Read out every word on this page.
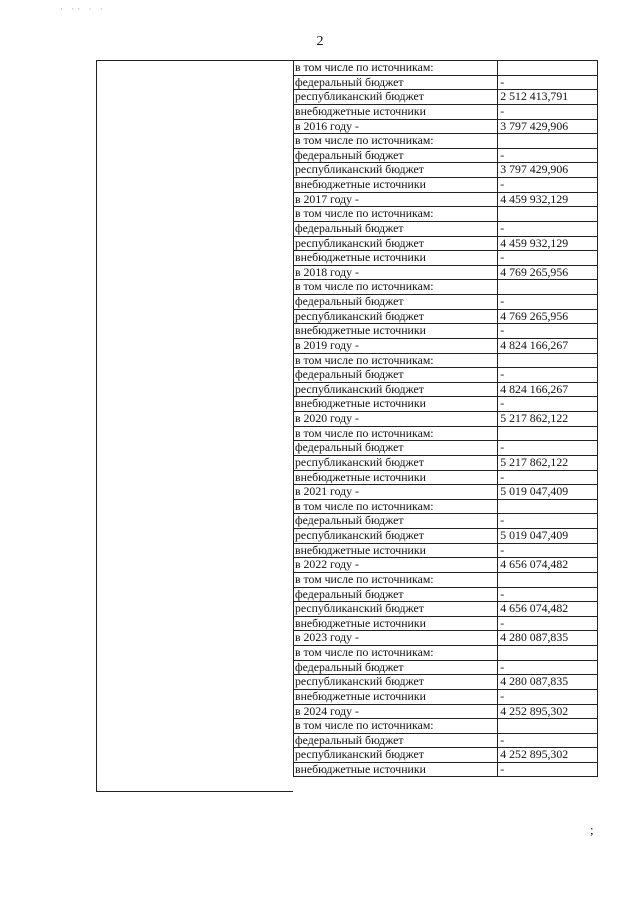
· ·· · ·
2
в том числе по источникам:
федеральный бюджет	-
республиканский бюджет	2 512 413,791
внебюджетные источники	-
в 2016 году -	3 797 429,906
в том числе по источникам:
федеральный бюджет	-
республиканский бюджет	3 797 429,906
внебюджетные источники	-
в 2017 году -	4 459 932,129
в том числе по источникам:
федеральный бюджет	-
республиканский бюджет	4 459 932,129
внебюджетные источники	-
в 2018 году -	4 769 265,956
в том числе по источникам:
федеральный бюджет	-
республиканский бюджет	4 769 265,956
внебюджетные источники	-
в 2019 году -	4 824 166,267
в том числе по источникам:
федеральный бюджет	-
республиканский бюджет	4 824 166,267
внебюджетные источники	-
в 2020 году -	5 217 862,122
в том числе по источникам:
федеральный бюджет	-
республиканский бюджет	5 217 862,122
внебюджетные источники	-
в 2021 году -	5 019 047,409
в том числе по источникам:
федеральный бюджет	-
республиканский бюджет	5 019 047,409
внебюджетные источники	-
в 2022 году -	4 656 074,482
в том числе по источникам:
федеральный бюджет	-
республиканский бюджет	4 656 074,482
внебюджетные источники	-
в 2023 году -	4 280 087,835
в том числе по источникам:
федеральный бюджет	-
республиканский бюджет	4 280 087,835
внебюджетные источники	-
в 2024 году -	4 252 895,302
в том числе по источникам:
федеральный бюджет	-
республиканский бюджет	4 252 895,302
внебюджетные источники	-
;
